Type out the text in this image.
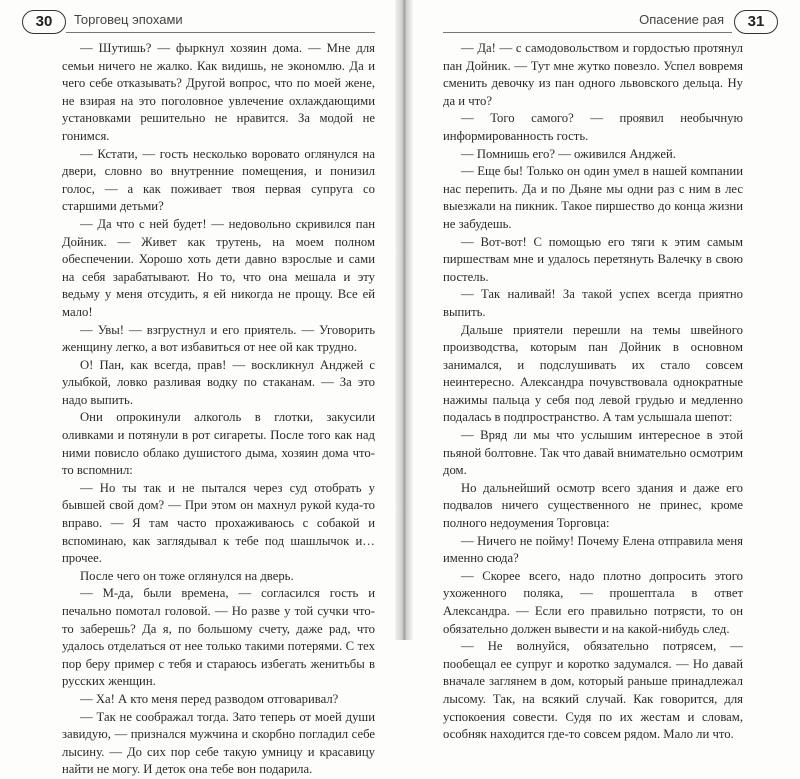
30	Торговец эпохами

— Шутишь? — фыркнул хозяин дома. — Мне для семьи ничего не жалко. Как видишь, не экономлю. Да и чего себе отказывать? Другой вопрос, что по моей жене, не взирая на это поголовное увлечение охлаждающими установками решительно не нравится. За модой не гонимся.

— Кстати, — гость несколько вороватo оглянулся на двери, словно во внутренние помещения, и понизил голос, — а как поживает твоя первая супруга со старшими детьми?

— Да что с ней будет! — недовольно скривился пан Дойник. — Живет как трутень, на моем полном обеспечении. Хорошо хоть дети давно взрослые и сами на себя зарабатывают. Но то, что она мешала и эту ведьму у меня отсудить, я ей никогда не прощу. Все ей мало!

— Увы! — взгрустнул и его приятель. — Уговорить женщину легко, а вот избавиться от нее ой как трудно.

О! Пан, как всегда, прав! — воскликнул Анджей с улыбкой, ловко разливая водку по стаканам. — За это надо выпить.

Они опрокинули алкоголь в глотки, закусили оливками и потянули в рот сигареты. После того как над ними повисло облако душистого дыма, хозяин дома что-то вспомнил:

— Но ты так и не пытался через суд отобрать у бывшей свой дом? — При этом он махнул рукой куда-то вправо. — Я там часто прохаживаюсь с собакой и вспоминаю, как заглядывал к тебе под шашлычок и… прочее.

После чего он тоже оглянулся на дверь.

— М-да, были времена, — согласился гость и печально помотал головой. — Но разве у той сучки что-то заберешь? Да я, по большому счету, даже рад, что удалось отделаться от нее только такими потерями. С тех пор беру пример с тебя и стараюсь избегать женитьбы в русских женщин.

— Ха! А кто меня перед разводом отговаривал?

— Так не соображал тогда. Зато теперь от моей души завидую, — признался мужчина и скорбно погладил себе лысину. — До сих пор себе такую умницу и красавицу найти не могу. И деток она тебе вон подарила.

Опасение рая	31

— Да! — с самодовольством и гордостью протянул пан Дойник. — Тут мне жутко повезло. Успел вовремя сменить девочку из пан одного львовского дельца. Ну да и что?

— Того самого? — проявил необычную информированность гость.

— Помнишь его? — оживился Анджей.

— Еще бы! Только он один умел в нашей компании нас перепить. Да и по Дьяне мы одни раз с ним в лес выезжали на пикник. Такое пиршество до конца жизни не забудешь.

— Вот-вот! С помощью его тяги к этим самым пиршествам мне и удалось перетянуть Валечку в свою постель.

— Так наливай! За такой успех всегда приятно выпить.

Дальше приятели перешли на темы швейного производства, которым пан Дойник в основном занимался, и подслушивать их стало совсем неинтересно. Александра почувствовала однократные нажимы пальца у себя под левой грудью и медленно подалась в подпространство. А там услышала шепот:

— Вряд ли мы что услышим интересное в этой пьяной болтовне. Так что давай внимательно осмотрим дом.

Но дальнейший осмотр всего здания и даже его подвалов ничего существенного не принес, кроме полного недоумения Торговца:

— Ничего не пойму! Почему Елена отправила меня именно сюда?

— Скорее всего, надо плотно допросить этого ухоженного поляка, — прошептала в ответ Александра. — Если его правильно потрясти, то он обязательно должен вывести и на какой-нибудь след.

— Не волнуйся, обязательно потрясем, — пообещал ее супруг и коротко задумался. — Но давай вначале заглянем в дом, который раньше принадлежал лысому. Так, на всякий случай. Как говорится, для успокоения совести. Судя по их жестам и словам, особняк находится где-то совсем рядом. Мало ли что.
